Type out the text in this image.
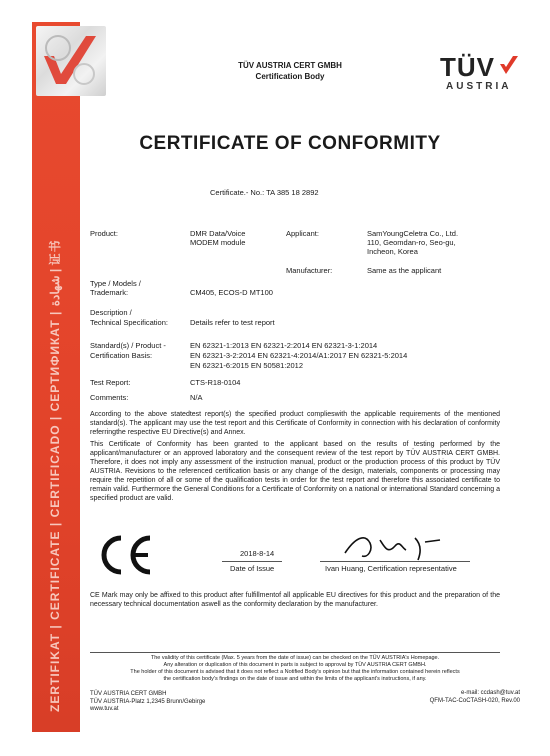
ZERTIFIKAT | CERTIFICATE | CERTIFICADO | СЕРТИФИКАТ | شهادة | 证书
TÜV AUSTRIA CERT GMBH
Certification Body	TÜV
AUSTRIA
CERTIFICATE OF CONFORMITY
Certificate.- No.: TA 385 18 2892
Product:	DMR Data/Voice
MODEM module
Applicant:	SamYoungCeletra Co., Ltd.
110, Geomdan-ro, Seo-gu,
Incheon, Korea
Manufacturer:	Same as the applicant
Type / Models /
Trademark:	CM405, ECOS-D MT100
Description /
Technical Specification:	Details refer to test report
Standard(s) / Product -
Certification Basis:
EN 62321-1:2013 EN 62321-2:2014 EN 62321-3-1:2014
EN 62321-3-2:2014 EN 62321-4:2014/A1:2017 EN 62321-5:2014
EN 62321-6:2015 EN 50581:2012
Test Report:	CTS-R18-0104
Comments:	N/A
According to the above statedtest report(s) the specified product complieswith the applicable requirements of the mentioned standard(s). The applicant may use the test report and this Certificate of Conformity in connection with his declaration of conformity referringthe respective EU Directive(s) and Annex.
This Certificate of Conformity has been granted to the applicant based on the results of testing performed by the applicant/manufacturer or an approved laboratory and the consequent review of the test report by TÜV AUSTRIA CERT GMBH. Therefore, it does not imply any assessment of the instruction manual, product or the production process of this product by TÜV AUSTRIA. Revisions to the referenced certification basis or any change of the design, materials, components or processing may require the repetition of all or some of the qualification tests in order for the test report and therefore this associated certificate to remain valid. Furthermore the General Conditions for a Certificate of Conformity on a national or international Standard concerning a specified product are valid.
2018-8-14
Date of Issue	Ivan Huang, Certification representative
CE Mark may only be affixed to this product after fulfillmentof all applicable EU directives for this product and the preparation of the necessary technical documentation aswell as the conformity declaration by the manufacturer.
The validity of this certificate (Max. 5 years from the date of issue) can be checked on the TÜV AUSTRIA's Homepage.
Any alteration or duplication of this document in parts is subject to approval by TÜV AUSTRIA CERT GMBH.
The holder of this document is advised that it does not reflect a Notified Body's opinion but that the information contained herein reflects
the certification body's findings on the date of issue and within the limits of the applicant's instructions, if any.
TÜV AUSTRIA CERT GMBH
TÜV AUSTRIA-Platz 1,2345 Brunn/Gebirge
www.tuv.at
e-mail: ccdash@tuv.at
QFM-TAC-CoCTASH-020, Rev.00
